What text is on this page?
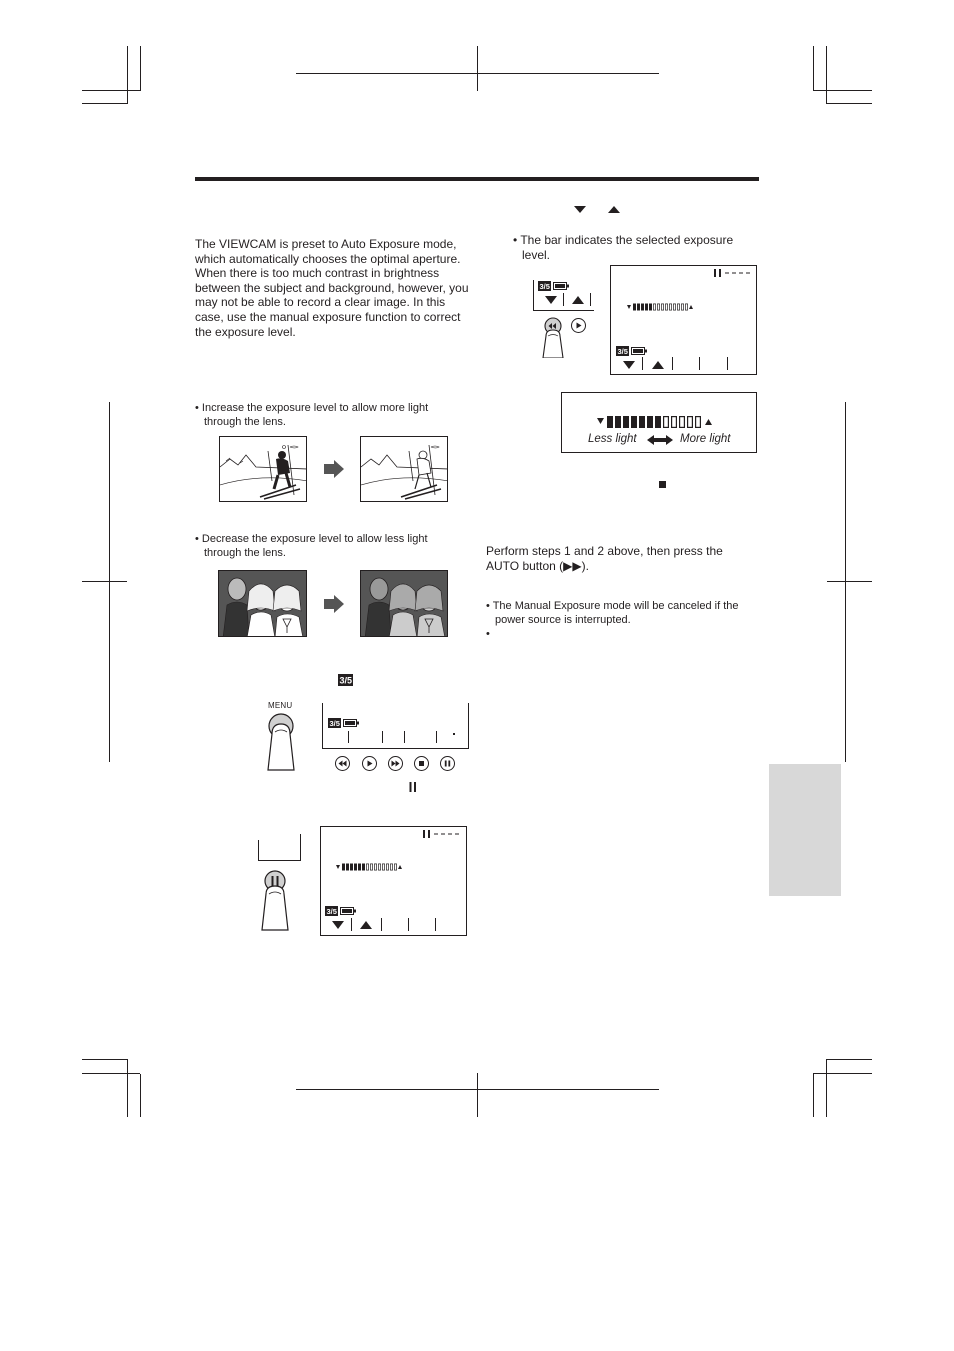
The VIEWCAM is preset to Auto Exposure mode, which automatically chooses the optimal aperture. When there is too much contrast in brightness between the subject and background, however, you may not be able to record a clear image. In this case, use the manual exposure function to correct the exposure level.
• Increase the exposure level to allow more light through the lens.
• Decrease the exposure level to allow less light through the lens.
3/5
MENU
3/5
3/5
• The bar indicates the selected exposure level.
3/5
3/5
Less light	More light
Perform steps 1 and 2 above, then press the AUTO button (▶▶).
• The Manual Exposure mode will be canceled if the power source is interrupted.
•
